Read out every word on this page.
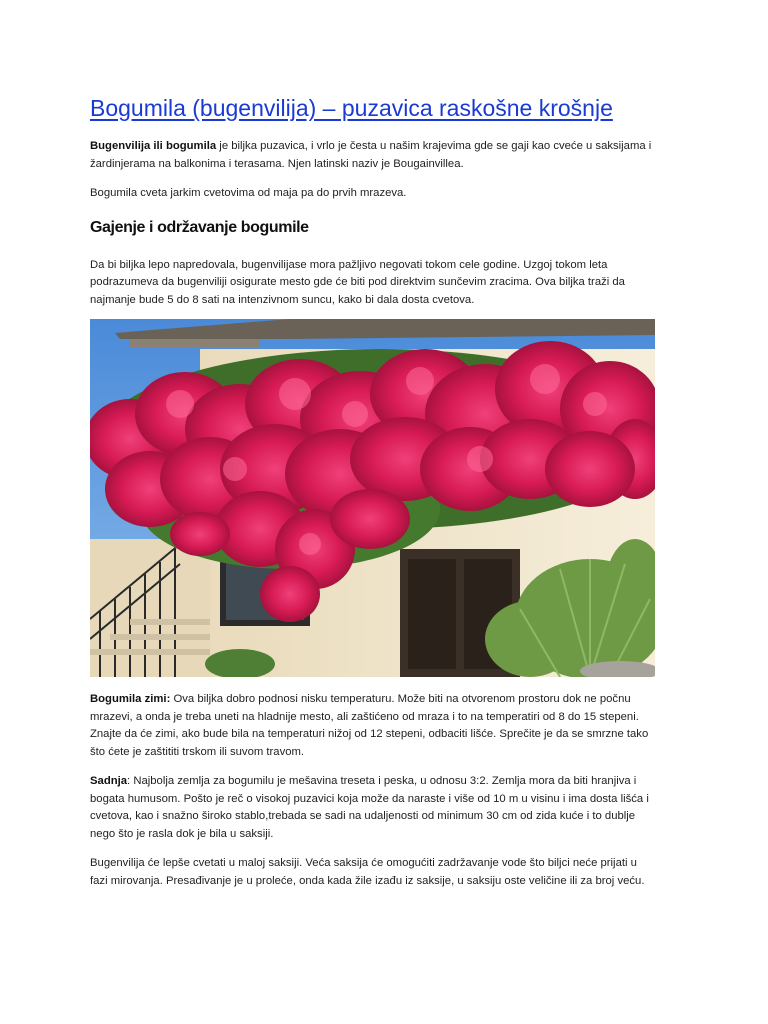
Bogumila (bugenvilija) – puzavica raskošne krošnje

Bugenvilija ili bogumila je biljka puzavica, i vrlo je česta u našim krajevima gde se gaji kao cveće u saksijama i žardinjerama na balkonima i terasama. Njen latinski naziv je Bougainvillea.

Bogumila cveta jarkim cvetovima od maja pa do prvih mrazeva.

Gajenje i održavanje bogumile

Da bi biljka lepo napredovala, bugenvilijase mora pažljivo negovati tokom cele godine. Uzgoj tokom leta podrazumeva da bugenviliji osigurate mesto gde će biti pod direktvim sunčevim zracima. Ova biljka traži da najmanje bude 5 do 8 sati na intenzivnom suncu, kako bi dala dosta cvetova.

Bogumila zimi: Ova biljka dobro podnosi nisku temperaturu. Može biti na otvorenom prostoru dok ne počnu mrazevi, a onda je treba uneti na hladnije mesto, ali zaštićeno od mraza i to na temperatiri od 8 do 15 stepeni. Znajte da će zimi, ako bude bila na temperaturi nižoj od 12 stepeni, odbaciti lišće. Sprečite je da se smrzne tako što ćete je zaštititi trskom ili suvom travom.

Sadnja: Najbolja zemlja za bogumilu je mešavina treseta i peska, u odnosu 3:2. Zemlja mora da biti hranjiva i bogata humusom. Pošto je reč o visokoj puzavici koja može da naraste i više od 10 m u visinu i ima dosta lišća i cvetova, kao i snažno široko stablo,trebada se sadi na udaljenosti od minimum 30 cm od zida kuće i to dublje nego što je rasla dok je bila u saksiji.

Bugenvilija će lepše cvetati u maloj saksiji. Veća saksija će omogućiti zadržavanje vode što biljci neće prijati u fazi mirovanja. Presađivanje je u proleće, onda kada žile izađu iz saksije, u saksiju oste veličine ili za broj veću.
